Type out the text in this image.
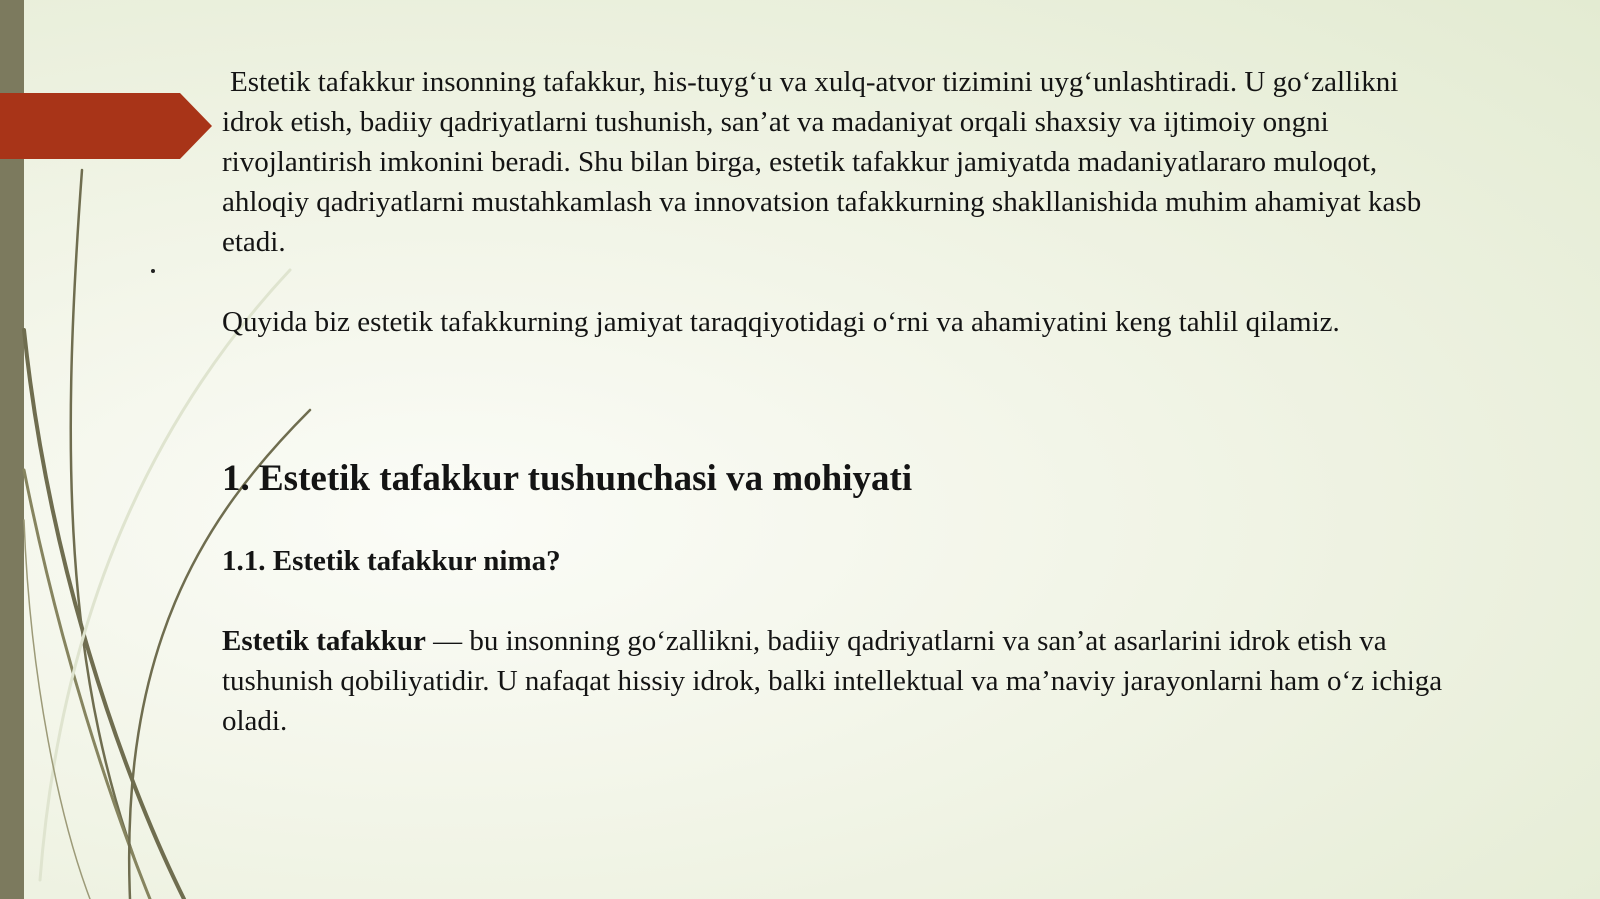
Estetik tafakkur insonning tafakkur, his-tuyg‘u va xulq-atvor tizimini uyg‘unlashtiradi. U go‘zallikni idrok etish, badiiy qadriyatlarni tushunish, san’at va madaniyat orqali shaxsiy va ijtimoiy ongni rivojlantirish imkonini beradi. Shu bilan birga, estetik tafakkur jamiyatda madaniyatlararo muloqot, ahloqiy qadriyatlarni mustahkamlash va innovatsion tafakkurning shakllanishida muhim ahamiyat kasb etadi.

Quyida biz estetik tafakkurning jamiyat taraqqiyotidagi o‘rni va ahamiyatini keng tahlil qilamiz.

1. Estetik tafakkur tushunchasi va mohiyati
1.1. Estetik tafakkur nima?

Estetik tafakkur — bu insonning go‘zallikni, badiiy qadriyatlarni va san’at asarlarini idrok etish va tushunish qobiliyatidir. U nafaqat hissiy idrok, balki intellektual va ma’naviy jarayonlarni ham o‘z ichiga oladi.
